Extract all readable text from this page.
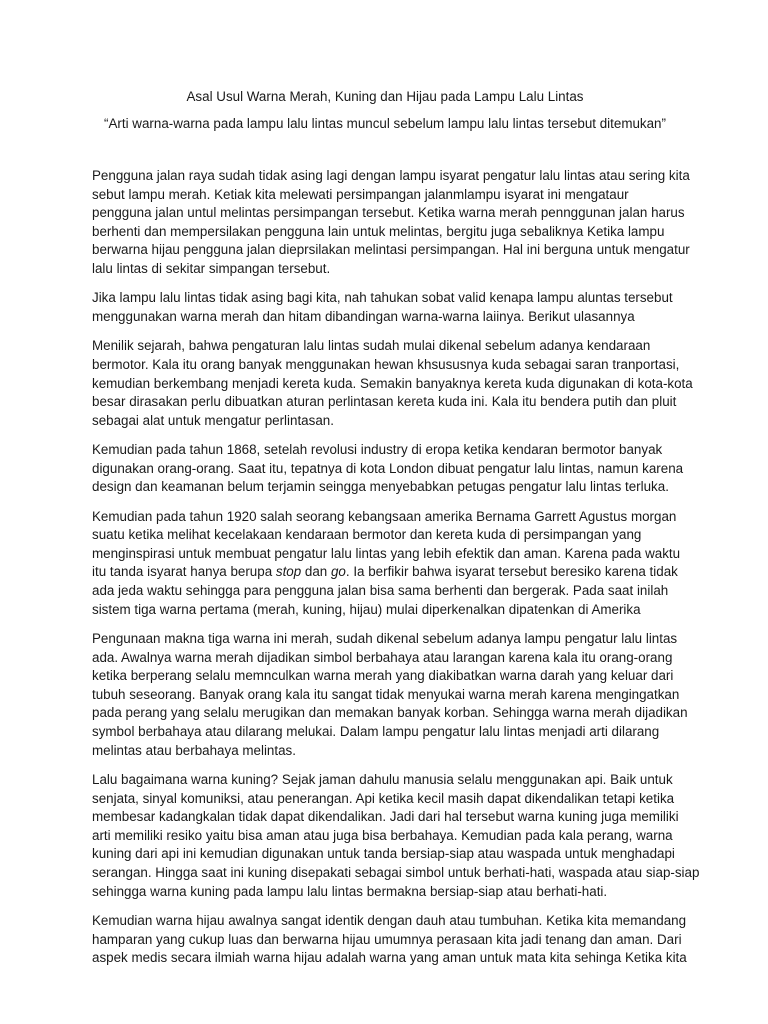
Asal Usul Warna Merah, Kuning dan Hijau pada Lampu Lalu Lintas

“Arti warna-warna pada lampu lalu lintas muncul sebelum lampu lalu lintas tersebut ditemukan”

Pengguna jalan raya sudah tidak asing lagi dengan lampu isyarat pengatur lalu lintas atau sering kita
sebut lampu merah. Ketiak kita melewati persimpangan jalanmlampu isyarat ini mengataur
pengguna jalan untul melintas persimpangan tersebut. Ketika warna merah pennggunan jalan harus
berhenti dan mempersilakan pengguna lain untuk melintas, bergitu juga sebaliknya Ketika lampu
berwarna hijau pengguna jalan dieprsilakan melintasi persimpangan. Hal ini berguna untuk mengatur
lalu lintas di sekitar simpangan tersebut.

Jika lampu lalu lintas tidak asing bagi kita, nah tahukan sobat valid kenapa lampu aluntas tersebut
menggunakan warna merah dan hitam dibandingan warna-warna laiinya. Berikut ulasannya

Menilik sejarah, bahwa pengaturan lalu lintas sudah mulai dikenal sebelum adanya kendaraan
bermotor. Kala itu orang banyak menggunakan hewan khsususnya kuda sebagai saran tranportasi,
kemudian berkembang menjadi kereta kuda. Semakin banyaknya kereta kuda digunakan di kota-kota
besar dirasakan perlu dibuatkan aturan perlintasan kereta kuda ini. Kala itu bendera putih dan pluit
sebagai alat untuk mengatur perlintasan.

Kemudian pada tahun 1868, setelah revolusi industry di eropa ketika kendaran bermotor banyak
digunakan orang-orang. Saat itu, tepatnya di kota London dibuat pengatur lalu lintas, namun karena
design dan keamanan belum terjamin seingga menyebabkan petugas pengatur lalu lintas terluka.

Kemudian pada tahun 1920 salah seorang kebangsaan amerika Bernama Garrett Agustus morgan
suatu ketika melihat kecelakaan kendaraan bermotor dan kereta kuda di persimpangan yang
menginspirasi untuk membuat pengatur lalu lintas yang lebih efektik dan aman. Karena pada waktu
itu tanda isyarat hanya berupa stop dan go. Ia berfikir bahwa isyarat tersebut beresiko karena tidak
ada jeda waktu sehingga para pengguna jalan bisa sama berhenti dan bergerak. Pada saat inilah
sistem tiga warna pertama (merah, kuning, hijau) mulai diperkenalkan dipatenkan di Amerika

Pengunaan makna tiga warna ini merah, sudah dikenal sebelum adanya lampu pengatur lalu lintas
ada. Awalnya warna merah dijadikan simbol berbahaya atau larangan karena kala itu orang-orang
ketika berperang selalu memnculkan warna merah yang diakibatkan warna darah yang keluar dari
tubuh seseorang. Banyak orang kala itu sangat tidak menyukai warna merah karena mengingatkan
pada perang yang selalu merugikan dan memakan banyak korban. Sehingga warna merah dijadikan
symbol berbahaya atau dilarang melukai. Dalam lampu pengatur lalu lintas menjadi arti dilarang
melintas atau berbahaya melintas.

Lalu bagaimana warna kuning? Sejak jaman dahulu manusia selalu menggunakan api. Baik untuk
senjata, sinyal komuniksi, atau penerangan. Api ketika kecil masih dapat dikendalikan tetapi ketika
membesar kadangkalan tidak dapat dikendalikan. Jadi dari hal tersebut warna kuning juga memiliki
arti memiliki resiko yaitu bisa aman atau juga bisa berbahaya. Kemudian pada kala perang, warna
kuning dari api ini kemudian digunakan untuk tanda bersiap-siap atau waspada untuk menghadapi
serangan. Hingga saat ini kuning disepakati sebagai simbol untuk berhati-hati, waspada atau siap-siap
sehingga warna kuning pada lampu lalu lintas bermakna bersiap-siap atau berhati-hati.

Kemudian warna hijau awalnya sangat identik dengan dauh atau tumbuhan. Ketika kita memandang
hamparan yang cukup luas dan berwarna hijau umumnya perasaan kita jadi tenang dan aman. Dari
aspek medis secara ilmiah warna hijau adalah warna yang aman untuk mata kita sehinga Ketika kita
